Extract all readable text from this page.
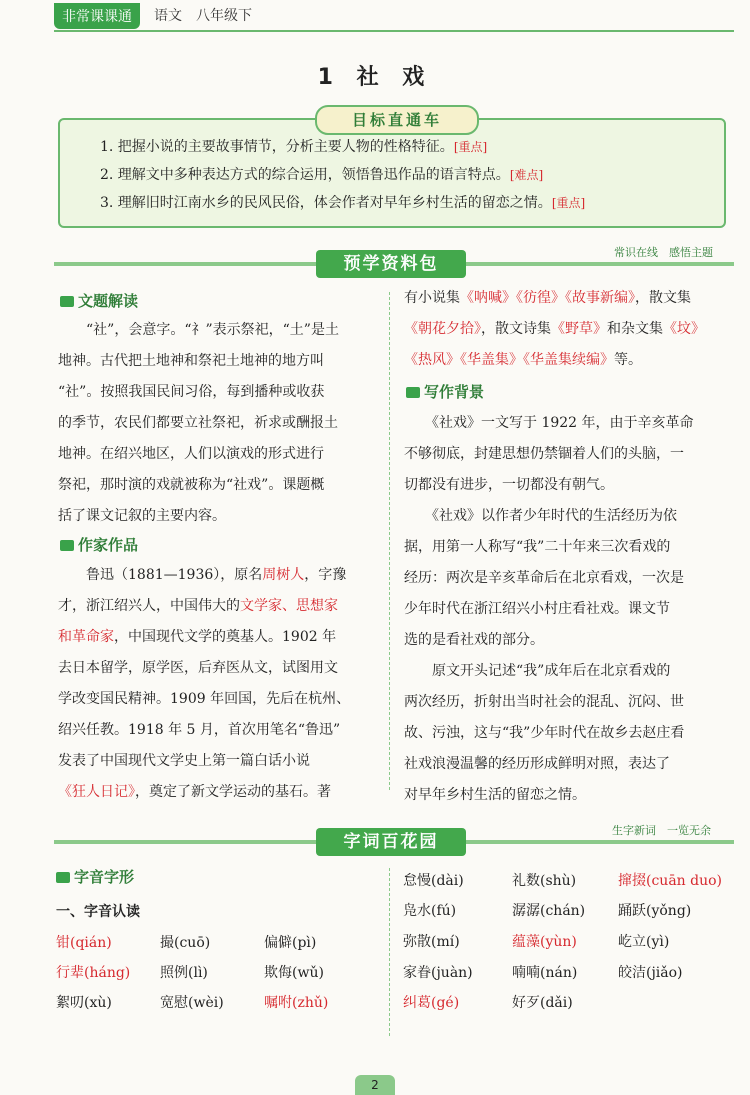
非常课课通	语文　 八年级下
1 社 戏
目标直通车
1. 把握小说的主要故事情节，分析主要人物的性格特征。[重点]
2. 理解文中多种表达方式的综合运用，领悟鲁迅作品的语言特点。[难点]
3. 理解旧时江南水乡的民风民俗，体会作者对早年乡村生活的留恋之情。[重点]
预学资料包
常识在线　感悟主题
文题解读
　　“社”，会意字。“礻”表示祭祀，“土”是土
地神。古代把土地神和祭祀土地神的地方叫
“社”。按照我国民间习俗，每到播种或收获
的季节，农民们都要立社祭祀，祈求或酬报土
地神。在绍兴地区，人们以演戏的形式进行
祭祀，那时演的戏就被称为“社戏”。课题概
括了课文记叙的主要内容。
作家作品
　　鲁迅（1881—1936），原名周树人，字豫
才，浙江绍兴人，中国伟大的文学家、思想家
和革命家，中国现代文学的奠基人。1902 年
去日本留学，原学医，后弃医从文，试图用文
学改变国民精神。1909 年回国，先后在杭州、
绍兴任教。1918 年 5 月，首次用笔名“鲁迅”
发表了中国现代文学史上第一篇白话小说
《狂人日记》，奠定了新文学运动的基石。著
有小说集《呐喊》《彷徨》《故事新编》，散文集
《朝花夕拾》，散文诗集《野草》和杂文集《坟》
《热风》《华盖集》《华盖集续编》等。
写作背景
　　《社戏》一文写于 1922 年，由于辛亥革命
不够彻底，封建思想仍禁锢着人们的头脑，一
切都没有进步，一切都没有朝气。
　　《社戏》以作者少年时代的生活经历为依
据，用第一人称写“我”二十年来三次看戏的
经历：两次是辛亥革命后在北京看戏，一次是
少年时代在浙江绍兴小村庄看社戏。课文节
选的是看社戏的部分。
　　原文开头记述“我”成年后在北京看戏的
两次经历，折射出当时社会的混乱、沉闷、世
故、污浊，这与“我”少年时代在故乡去赵庄看
社戏浪漫温馨的经历形成鲜明对照，表达了
对早年乡村生活的留恋之情。
字词百花园
生字新词　一览无余
字音字形
一、字音认读
钳(qián)	撮(cuō)	偏僻(pì)
行辈(háng) 照例(lì)	欺侮(wǔ)
絮叨(xù)	宽慰(wèi)	嘱咐(zhǔ)
怠慢(dài)	礼数(shù)	撺掇(cuān duo)
凫水(fú)	潺潺(chán) 踊跃(yǒng)
弥散(mí)	蕴藻(yùn)	屹立(yì)
家眷(juàn)	喃喃(nán)	皎洁(jiǎo)
纠葛(gé)	好歹(dǎi)
2
